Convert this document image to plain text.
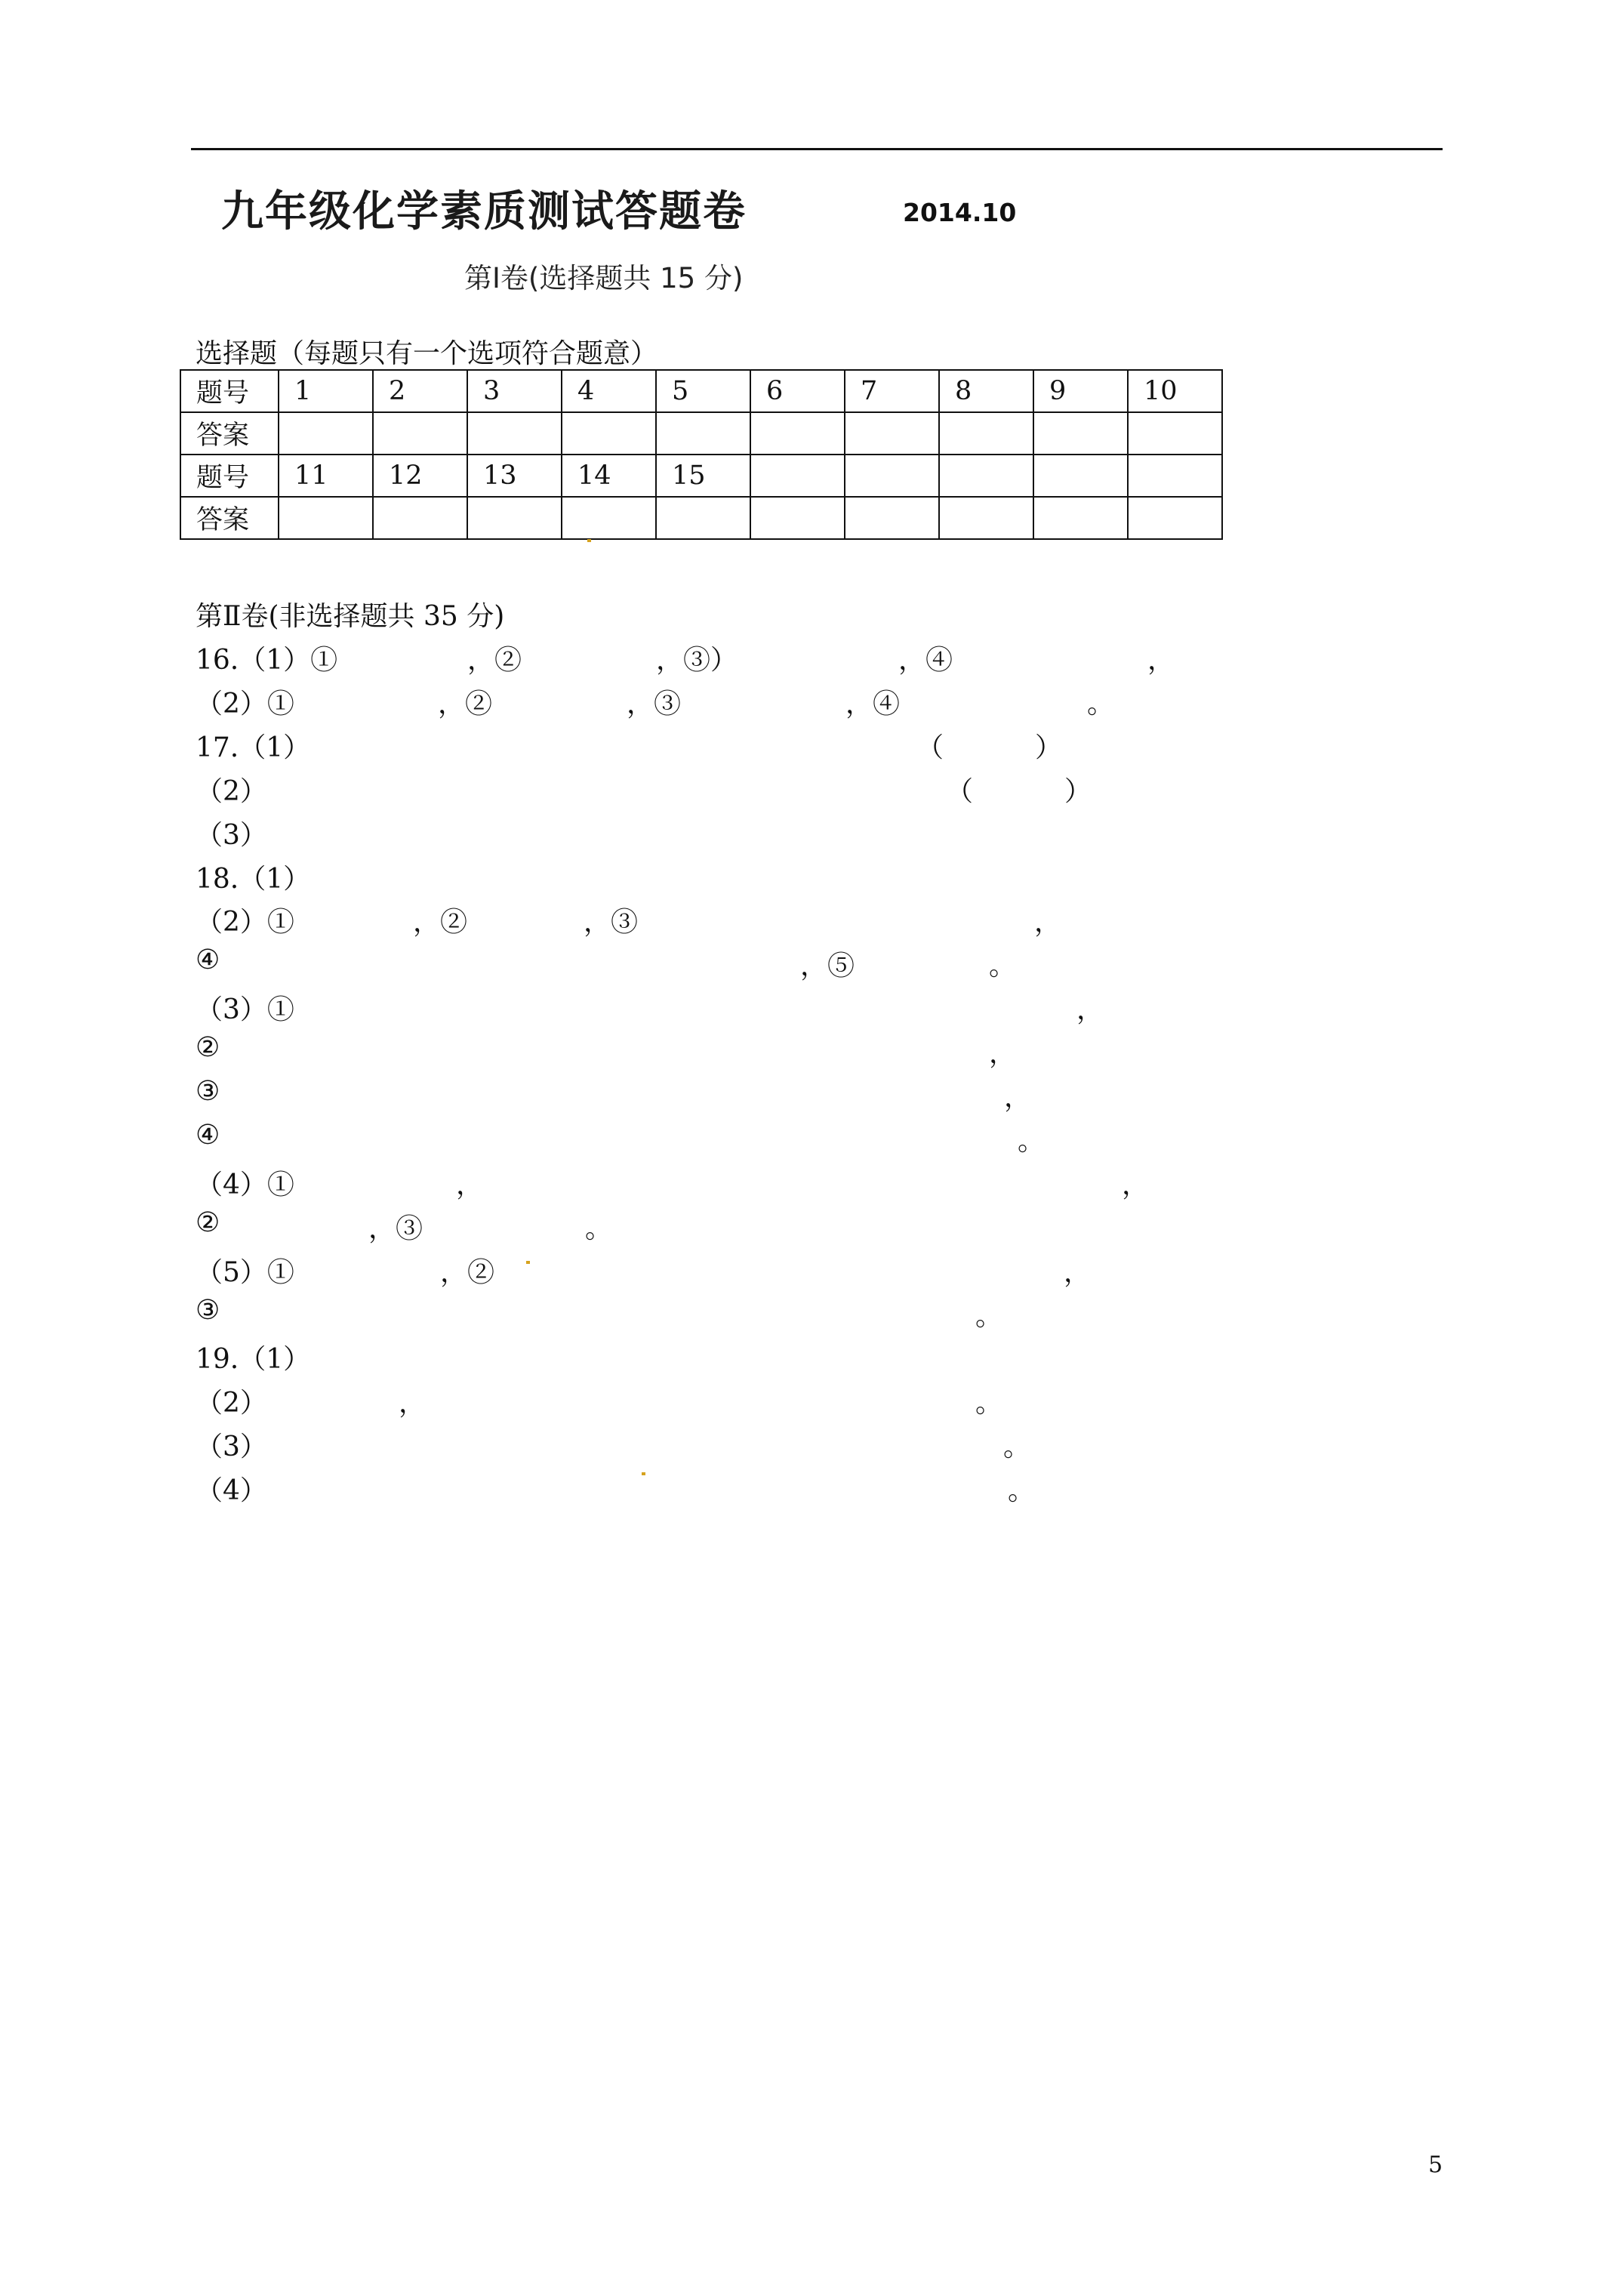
九年级化学素质测试答题卷	2014.10
第Ⅰ卷(选择题共 15 分)
选择题（每题只有一个选项符合题意）
题号	1	2	3	4	5	6	7	8	9	10
答案										
题号	11	12	13	14	15					
答案										
第Ⅱ卷(非选择题共 35 分)
16.（1）①	，②	，③）	，④	，
（2）①	，②	，③	，④	。
17.（1）	（	）
（2）	（	）
（3）
18.（1）
（2）①	，②	，③	，
④	，⑤	。
（3）①	，
②	，
③	，
④	。
（4）①	，	，
②	，③	。
（5）①	，②	，
③	。
19.（1）
（2）	，	。
（3）	。
（4）	。
5
